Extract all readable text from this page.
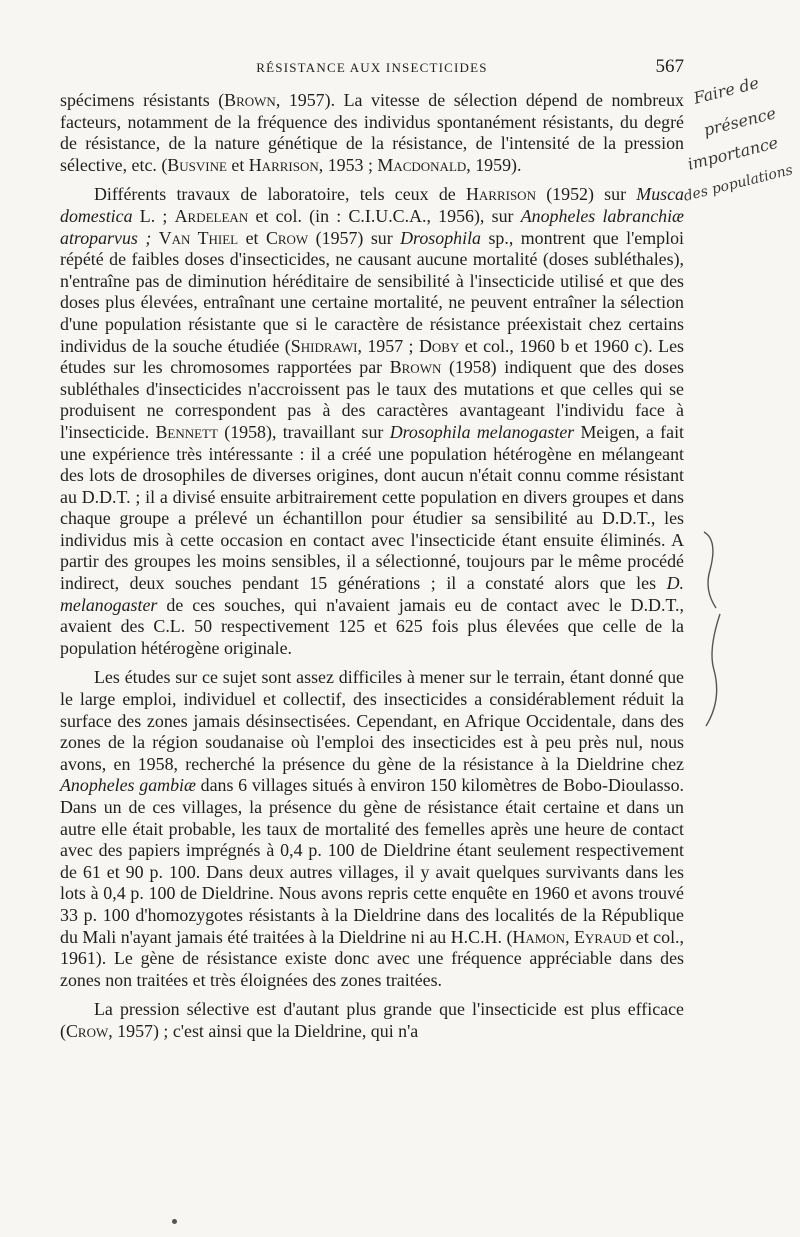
RÉSISTANCE AUX INSECTICIDES	567

spécimens résistants (Brown, 1957). La vitesse de sélection dépend de nombreux facteurs, notamment de la fréquence des individus spontanément résistants, du degré de résistance, de la nature génétique de la résistance, de l'intensité de la pression sélective, etc. (Busvine et Harrison, 1953 ; Macdonald, 1959).

Différents travaux de laboratoire, tels ceux de Harrison (1952) sur Musca domestica L. ; Ardelean et col. (in : C.I.U.C.A., 1956), sur Anopheles labranchiæ atroparvus ; Van Thiel et Crow (1957) sur Drosophila sp., montrent que l'emploi répété de faibles doses d'insecticides, ne causant aucune mortalité (doses subléthales), n'entraîne pas de diminution héréditaire de sensibilité à l'insecticide utilisé et que des doses plus élevées, entraînant une certaine mortalité, ne peuvent entraîner la sélection d'une population résistante que si le caractère de résistance préexistait chez certains individus de la souche étudiée (Shidrawi, 1957 ; Doby et col., 1960 b et 1960 c). Les études sur les chromosomes rapportées par Brown (1958) indiquent que des doses subléthales d'insecticides n'accroissent pas le taux des mutations et que celles qui se produisent ne correspondent pas à des caractères avantageant l'individu face à l'insecticide. Bennett (1958), travaillant sur Drosophila melanogaster Meigen, a fait une expérience très intéressante : il a créé une population hétérogène en mélangeant des lots de drosophiles de diverses origines, dont aucun n'était connu comme résistant au D.D.T. ; il a divisé ensuite arbitrairement cette population en divers groupes et dans chaque groupe a prélevé un échantillon pour étudier sa sensibilité au D.D.T., les individus mis à cette occasion en contact avec l'insecticide étant ensuite éliminés. A partir des groupes les moins sensibles, il a sélectionné, toujours par le même procédé indirect, deux souches pendant 15 générations ; il a constaté alors que les D. melanogaster de ces souches, qui n'avaient jamais eu de contact avec le D.D.T., avaient des C.L. 50 respectivement 125 et 625 fois plus élevées que celle de la population hétérogène originale.

Les études sur ce sujet sont assez difficiles à mener sur le terrain, étant donné que le large emploi, individuel et collectif, des insecticides a considérablement réduit la surface des zones jamais désinsectisées. Cependant, en Afrique Occidentale, dans des zones de la région soudanaise où l'emploi des insecticides est à peu près nul, nous avons, en 1958, recherché la présence du gène de la résistance à la Dieldrine chez Anopheles gambiæ dans 6 villages situés à environ 150 kilomètres de Bobo-Dioulasso. Dans un de ces villages, la présence du gène de résistance était certaine et dans un autre elle était probable, les taux de mortalité des femelles après une heure de contact avec des papiers imprégnés à 0,4 p. 100 de Dieldrine étant seulement respectivement de 61 et 90 p. 100. Dans deux autres villages, il y avait quelques survivants dans les lots à 0,4 p. 100 de Dieldrine. Nous avons repris cette enquête en 1960 et avons trouvé 33 p. 100 d'homozygotes résistants à la Dieldrine dans des localités de la République du Mali n'ayant jamais été traitées à la Dieldrine ni au H.C.H. (Hamon, Eyraud et col., 1961). Le gène de résistance existe donc avec une fréquence appréciable dans des zones non traitées et très éloignées des zones traitées.

La pression sélective est d'autant plus grande que l'insecticide est plus efficace (Crow, 1957) ; c'est ainsi que la Dieldrine, qui n'a

Faire de
présence
importance
des populations
